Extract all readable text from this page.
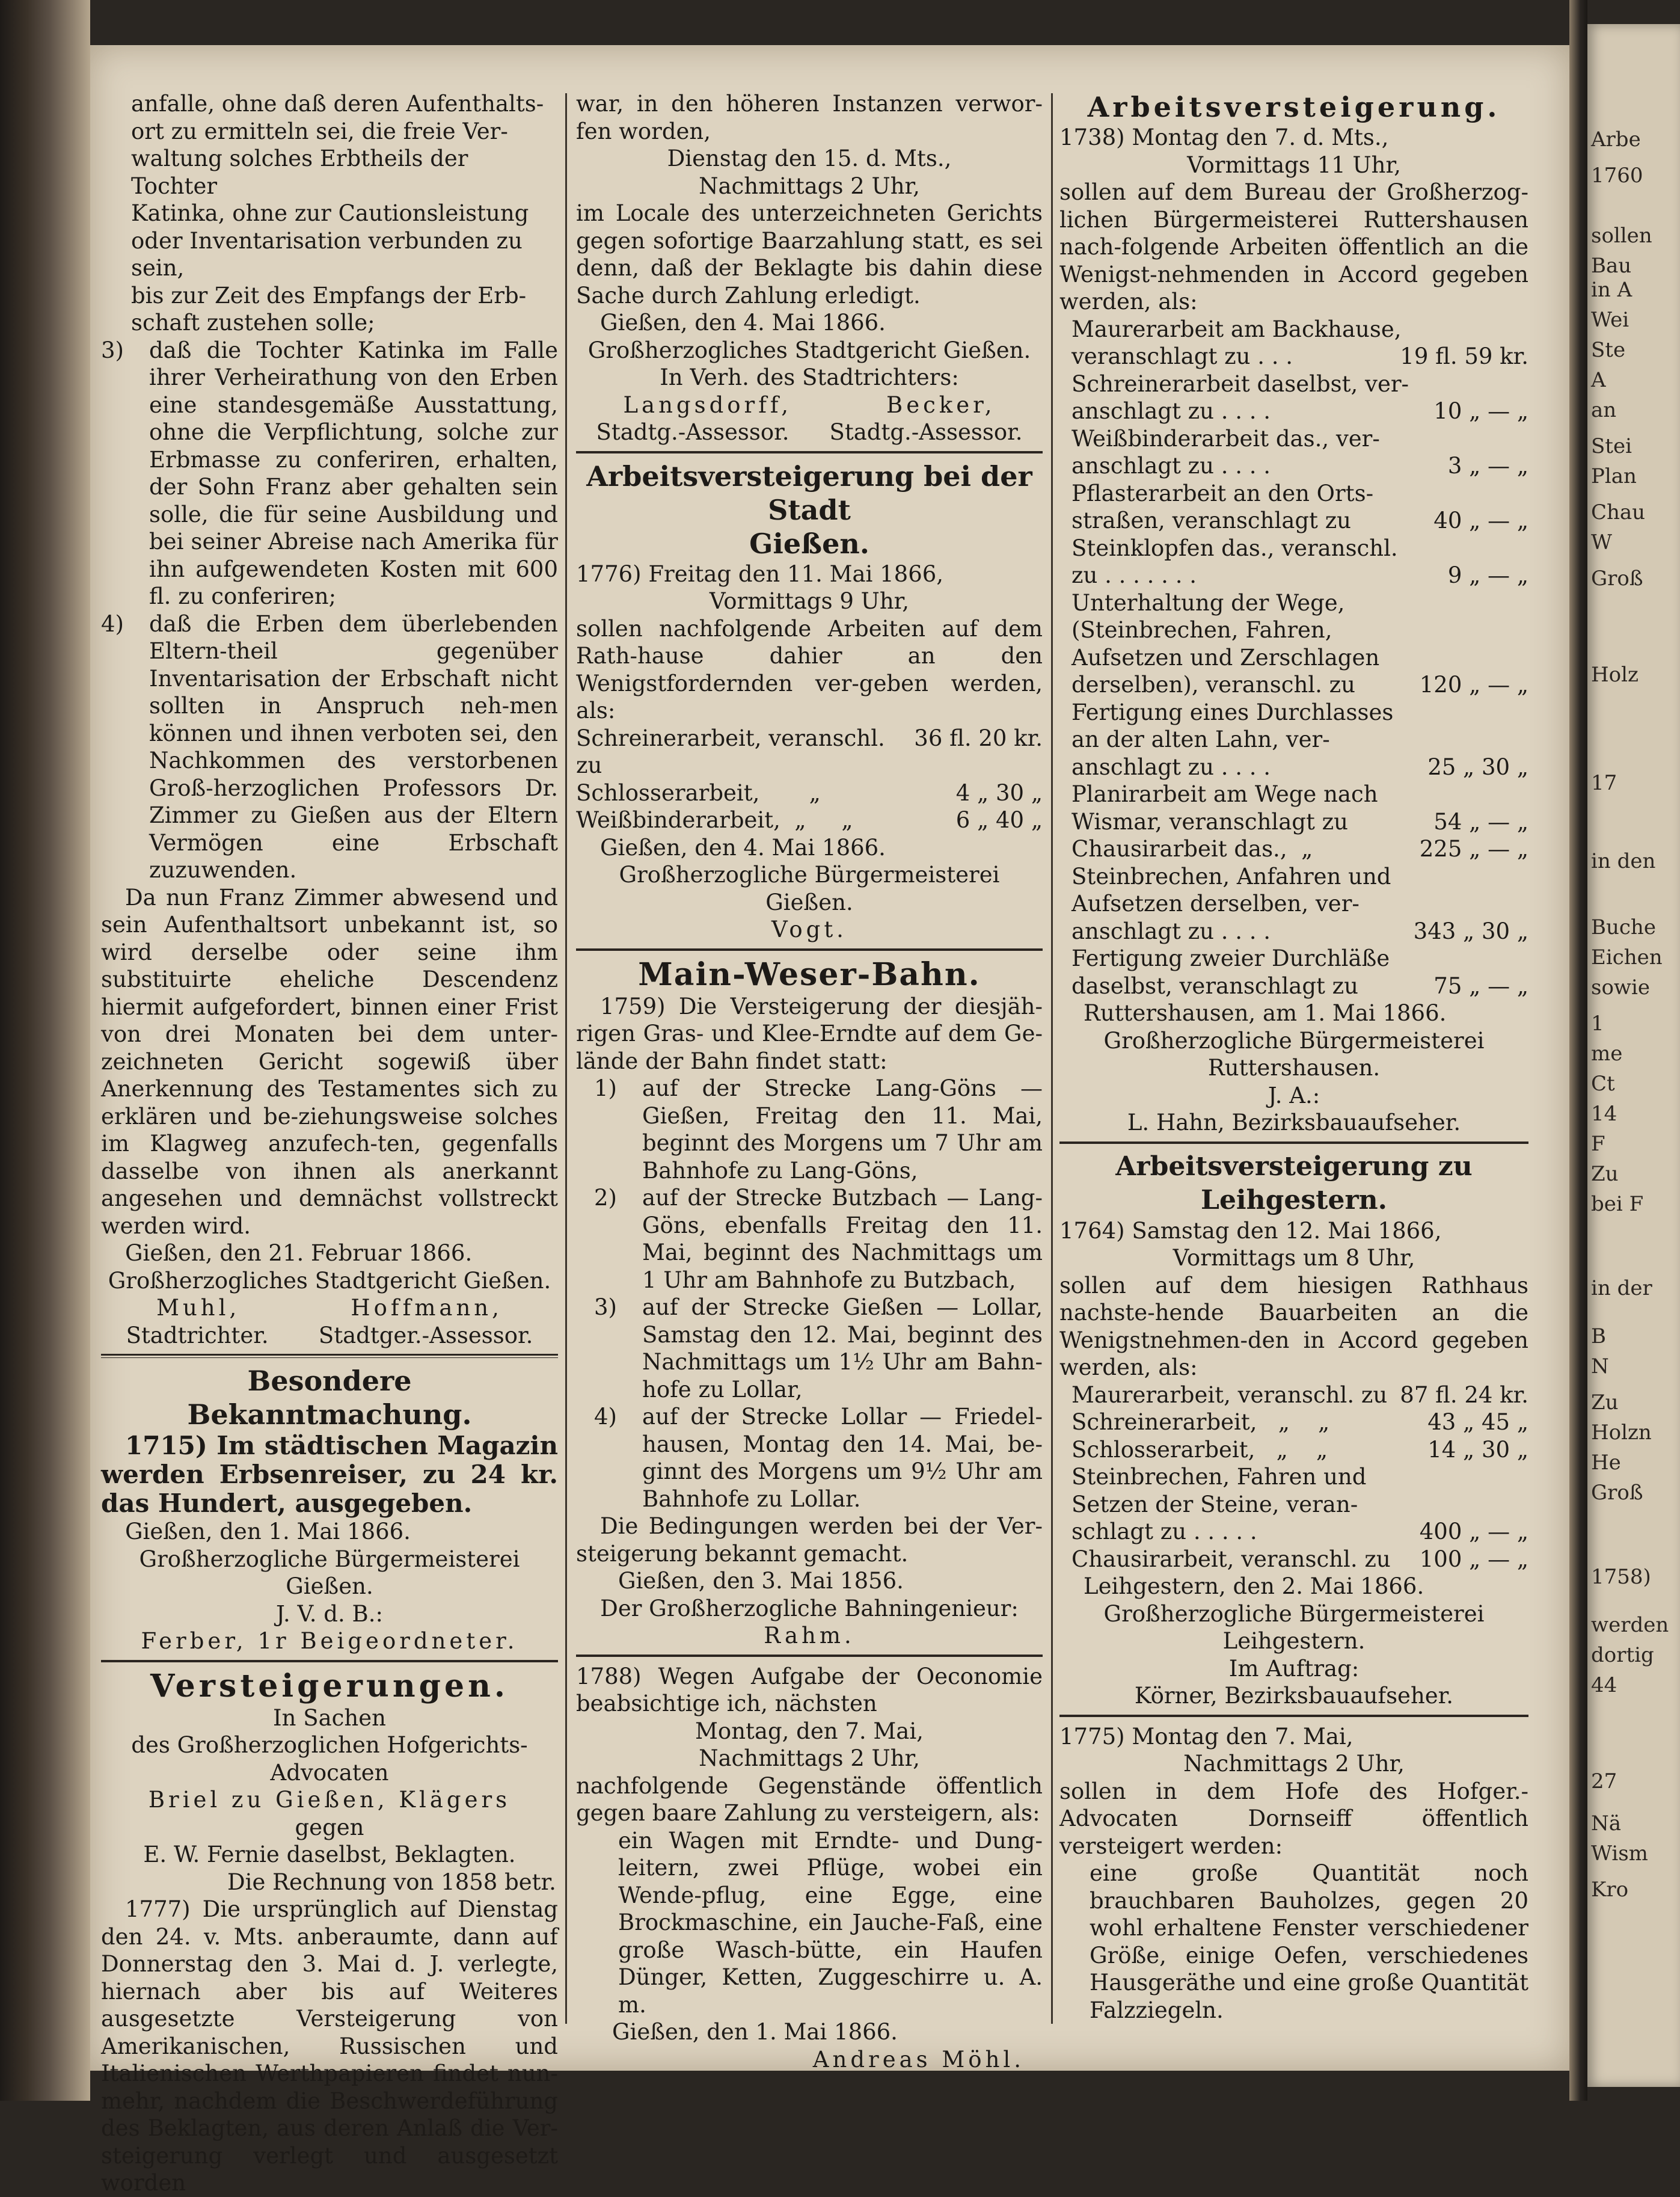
anfalle, ohne daß deren Aufenthalts-

ort zu ermitteln sei, die freie Ver-

waltung solches Erbtheils der Tochter

Katinka, ohne zur Cautionsleistung

oder Inventarisation verbunden zu sein,

bis zur Zeit des Empfangs der Erb-

schaft zustehen solle;

3)	daß die Tochter Katinka im Falle ihrer Verheirathung von den Erben eine standesgemäße Ausstattung, ohne die Verpflichtung, solche zur Erbmasse zu conferiren, erhalten, der Sohn Franz aber gehalten sein solle, die für seine Ausbildung und bei seiner Abreise nach Amerika für ihn aufgewendeten Kosten mit 600 fl. zu conferiren;
4)	daß die Erben dem überlebenden Eltern-theil gegenüber Inventarisation der Erbschaft nicht sollten in Anspruch neh-men können und ihnen verboten sei, den Nachkommen des verstorbenen Groß-herzoglichen Professors Dr. Zimmer zu Gießen aus der Eltern Vermögen eine Erbschaft zuzuwenden.

Da nun Franz Zimmer abwesend und sein Aufenthaltsort unbekannt ist, so wird derselbe oder seine ihm substituirte eheliche Descendenz hiermit aufgefordert, binnen einer Frist von drei Monaten bei dem unter-zeichneten Gericht sogewiß über Anerkennung des Testamentes sich zu erklären und be-ziehungsweise solches im Klagweg anzufech-ten, gegenfalls dasselbe von ihnen als anerkannt angesehen und demnächst vollstreckt werden wird.

Gießen, den 21. Februar 1866.

Großherzogliches Stadtgericht Gießen.

Muhl,	Hoffmann,
Stadtrichter. Stadtger.-Assessor.

Besondere Bekanntmachung.

1715) Im städtischen Magazin werden Erbsenreiser, zu 24 kr. das Hundert, ausgegeben.

Gießen, den 1. Mai 1866.

Großherzogliche Bürgermeisterei Gießen.

J. V. d. B.:

Ferber, 1r Beigeordneter.

Versteigerungen.

In Sachen

des Großherzoglichen Hofgerichts-Advocaten

Briel zu Gießen, Klägers

gegen

E. W. Fernie daselbst, Beklagten.

Die Rechnung von 1858 betr.

1777) Die ursprünglich auf Dienstag den 24. v. Mts. anberaumte, dann auf Donnerstag den 3. Mai d. J. verlegte, hiernach aber bis auf Weiteres ausgesetzte Versteigerung von Amerikanischen, Russischen und Italienischen Werthpapieren findet nun-mehr, nachdem die Beschwerdeführung des Beklagten, aus deren Anlaß die Ver-steigerung verlegt und ausgesetzt worden

war, in den höheren Instanzen verwor-fen worden,

Dienstag den 15. d. Mts.,

Nachmittags 2 Uhr,

im Locale des unterzeichneten Gerichts gegen sofortige Baarzahlung statt, es sei denn, daß der Beklagte bis dahin diese Sache durch Zahlung erledigt.

Gießen, den 4. Mai 1866.

Großherzogliches Stadtgericht Gießen.

In Verh. des Stadtrichters:

Langsdorff,	Becker,
Stadtg.-Assessor. Stadtg.-Assessor.

Arbeitsversteigerung bei der Stadt

Gießen.

1776) Freitag den 11. Mai 1866,

Vormittags 9 Uhr,

sollen nachfolgende Arbeiten auf dem Rath-hause dahier an den Wenigstfordernden ver-geben werden, als:

Schreinerarbeit, veranschl. zu
36 fl. 20 kr.
Schlosserarbeit,       „	4 „ 30 „
Weißbinderarbeit,  „     „	6 „ 40 „

Gießen, den 4. Mai 1866.

Großherzogliche Bürgermeisterei Gießen.

Vogt.

Main-Weser-Bahn.

1759) Die Versteigerung der diesjäh-rigen Gras- und Klee-Erndte auf dem Ge-lände der Bahn findet statt:

1)	auf der Strecke Lang-Göns — Gießen, Freitag den 11. Mai, beginnt des Morgens um 7 Uhr am Bahnhofe zu Lang-Göns,
2)	auf der Strecke Butzbach — Lang-Göns, ebenfalls Freitag den 11. Mai, beginnt des Nachmittags um 1 Uhr am Bahnhofe zu Butzbach,
3)	auf der Strecke Gießen — Lollar, Samstag den 12. Mai, beginnt des Nachmittags um 1½ Uhr am Bahn-hofe zu Lollar,
4)	auf der Strecke Lollar — Friedel-hausen, Montag den 14. Mai, be-ginnt des Morgens um 9½ Uhr am Bahnhofe zu Lollar.

Die Bedingungen werden bei der Ver-steigerung bekannt gemacht.

Gießen, den 3. Mai 1856.

Der Großherzogliche Bahningenieur:

Rahm.

1788) Wegen Aufgabe der Oeconomie beabsichtige ich, nächsten

Montag, den 7. Mai,

Nachmittags 2 Uhr,

nachfolgende Gegenstände öffentlich gegen baare Zahlung zu versteigern, als:

ein Wagen mit Erndte- und Dung-leitern, zwei Pflüge, wobei ein Wende-pflug, eine Egge, eine Brockmaschine, ein Jauche-Faß, eine große Wasch-bütte, ein Haufen Dünger, Ketten, Zuggeschirre u. A. m.

Gießen, den 1. Mai 1866.

Andreas Möhl.

Arbeitsversteigerung.

1738) Montag den 7. d. Mts.,

Vormittags 11 Uhr,

sollen auf dem Bureau der Großherzog-lichen Bürgermeisterei Ruttershausen nach-folgende Arbeiten öffentlich an die Wenigst-nehmenden in Accord gegeben werden, als:

Maurerarbeit am Backhause,
veranschlagt zu . . .	19 fl. 59 kr.
Schreinerarbeit daselbst, ver-
anschlagt zu . . . .	10 „ — „
Weißbinderarbeit das., ver-
anschlagt zu . . . .	3 „ — „
Pflasterarbeit an den Orts-
straßen, veranschlagt zu	40 „ — „
Steinklopfen das., veranschl.
zu . . . . . . .	9 „ — „
Unterhaltung der Wege,
(Steinbrechen, Fahren,
Aufsetzen und Zerschlagen
derselben), veranschl. zu	120 „ — „
Fertigung eines Durchlasses
an der alten Lahn, ver-
anschlagt zu . . . .	25 „ 30 „
Planirarbeit am Wege nach
Wismar, veranschlagt zu	54 „ — „
Chausirarbeit das.,  „	225 „ — „
Steinbrechen, Anfahren und
Aufsetzen derselben, ver-
anschlagt zu . . . .	343 „ 30 „
Fertigung zweier Durchläße
daselbst, veranschlagt zu	75 „ — „

Ruttershausen, am 1. Mai 1866.

Großherzogliche Bürgermeisterei

Ruttershausen.

J. A.:

L. Hahn, Bezirksbauaufseher.

Arbeitsversteigerung zu Leihgestern.

1764) Samstag den 12. Mai 1866,

Vormittags um 8 Uhr,

sollen auf dem hiesigen Rathhaus nachste-hende Bauarbeiten an die Wenigstnehmen-den in Accord gegeben werden, als:

Maurerarbeit, veranschl. zu 87 fl. 24 kr.
Schreinerarbeit,   „    „	43 „ 45 „
Schlosserarbeit,   „    „	14 „ 30 „
Steinbrechen, Fahren und
Setzen der Steine, veran-
schlagt zu . . . . .	400 „ — „
Chausirarbeit, veranschl. zu	100 „ — „

Leihgestern, den 2. Mai 1866.

Großherzogliche Bürgermeisterei Leihgestern.

Im Auftrag:

Körner, Bezirksbauaufseher.

1775) Montag den 7. Mai,

Nachmittags 2 Uhr,

sollen in dem Hofe des Hofger.-Advocaten Dornseiff öffentlich versteigert werden:

eine große Quantität noch brauchbaren Bauholzes, gegen 20 wohl erhaltene Fenster verschiedener Größe, einige Oefen, verschiedenes Hausgeräthe und eine große Quantität Falzziegeln.

Arbe
1760
sollen
Bau
in A
Wei
Ste
A
an
Stei
Plan
Chau
W
Groß
Holz
17
in den
Buche
Eichen
sowie
1
me
Ct
14
F
Zu
bei F
in der
B
N
Zu
Holzn
He
Groß
1758)
werden
dortig
44
27
Nä
Wism
Kro
